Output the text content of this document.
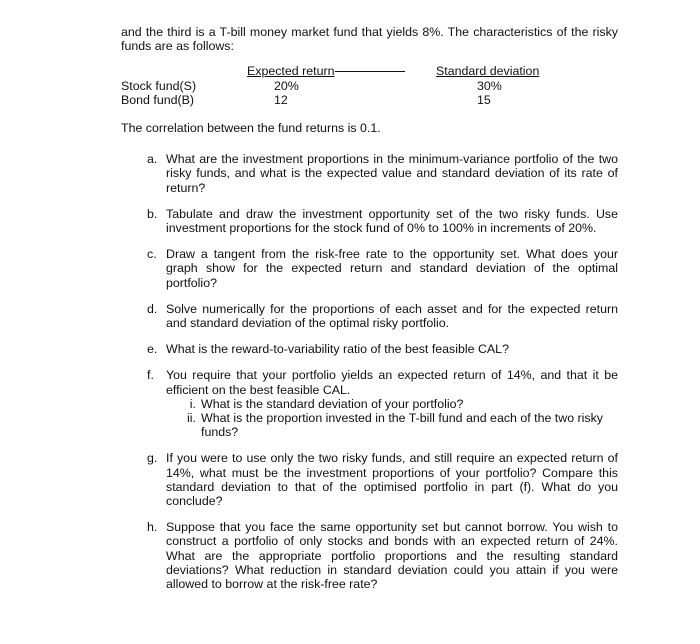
and the third is a T-bill money market fund that yields 8%. The characteristics of the risky funds are as follows:

	Expected return	Standard deviation
Stock fund(S)	20%	30%
Bond fund(B)	12	15

The correlation between the fund returns is 0.1.

a. What are the investment proportions in the minimum-variance portfolio of the two risky funds, and what is the expected value and standard deviation of its rate of return?
b. Tabulate and draw the investment opportunity set of the two risky funds. Use investment proportions for the stock fund of 0% to 100% in increments of 20%.
c. Draw a tangent from the risk-free rate to the opportunity set. What does your graph show for the expected return and standard deviation of the optimal portfolio?
d. Solve numerically for the proportions of each asset and for the expected return and standard deviation of the optimal risky portfolio.
e. What is the reward-to-variability ratio of the best feasible CAL?
f. You require that your portfolio yields an expected return of 14%, and that it be efficient on the best feasible CAL.
i. What is the standard deviation of your portfolio?
ii. What is the proportion invested in the T-bill fund and each of the two risky funds?
g. If you were to use only the two risky funds, and still require an expected return of 14%, what must be the investment proportions of your portfolio? Compare this standard deviation to that of the optimised portfolio in part (f). What do you conclude?
h. Suppose that you face the same opportunity set but cannot borrow. You wish to construct a portfolio of only stocks and bonds with an expected return of 24%. What are the appropriate portfolio proportions and the resulting standard deviations? What reduction in standard deviation could you attain if you were allowed to borrow at the risk-free rate?
